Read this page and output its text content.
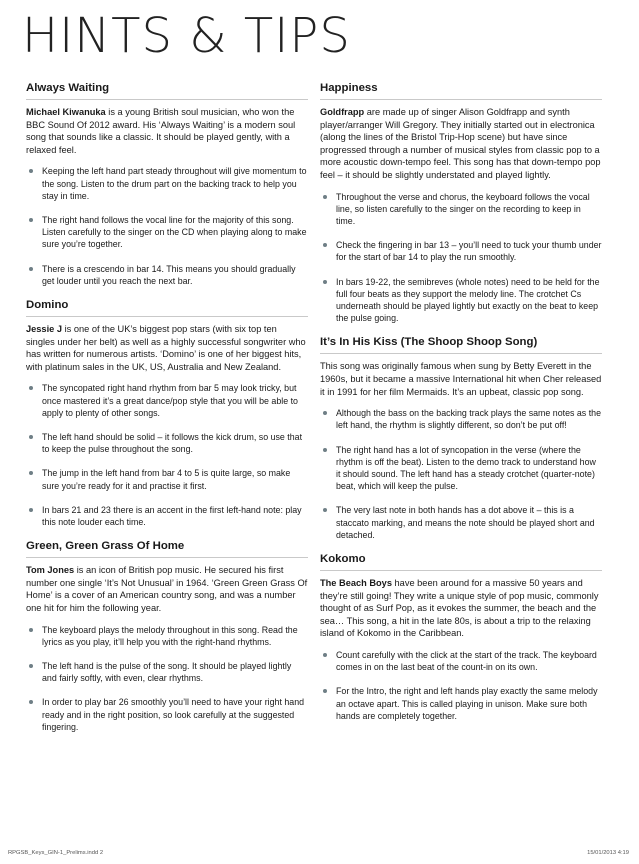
HINTS & TIPS
Always Waiting

Michael Kiwanuka is a young British soul musician, who won the BBC Sound Of 2012 award. His ‘Always Waiting’ is a modern soul song that sounds like a classic. It should be played gently, with a relaxed feel.

Keeping the left hand part steady throughout will give momentum to the song. Listen to the drum part on the backing track to help you stay in time.
The right hand follows the vocal line for the majority of this song. Listen carefully to the singer on the CD when playing along to make sure you’re together.
There is a crescendo in bar 14. This means you should gradually get louder until you reach the next bar.
Domino

Jessie J is one of the UK’s biggest pop stars (with six top ten singles under her belt) as well as a highly successful songwriter who has written for numerous artists. ‘Domino’ is one of her biggest hits, with platinum sales in the UK, US, Australia and New Zealand.

The syncopated right hand rhythm from bar 5 may look tricky, but once mastered it’s a great dance/pop style that you will be able to apply to plenty of other songs.
The left hand should be solid – it follows the kick drum, so use that to keep the pulse throughout the song.
The jump in the left hand from bar 4 to 5 is quite large, so make sure you’re ready for it and practise it first.
In bars 21 and 23 there is an accent in the first left-hand note: play this note louder each time.
Green, Green Grass Of Home

Tom Jones is an icon of British pop music. He secured his first number one single ‘It’s Not Unusual’ in 1964. ‘Green Green Grass Of Home’ is a cover of an American country song, and was a number one hit for him the following year.

The keyboard plays the melody throughout in this song. Read the lyrics as you play, it’ll help you with the right-hand rhythms.
The left hand is the pulse of the song. It should be played lightly and fairly softly, with even, clear rhythms.
In order to play bar 26 smoothly you’ll need to have your right hand ready and in the right position, so look carefully at the suggested fingering.
Happiness

Goldfrapp are made up of singer Alison Goldfrapp and synth player/arranger Will Gregory. They initially started out in electronica (along the lines of the Bristol Trip-Hop scene) but have since progressed through a number of musical styles from classic pop to a more acoustic down-tempo feel. This song has that down-tempo pop feel – it should be slightly understated and played lightly.

Throughout the verse and chorus, the keyboard follows the vocal line, so listen carefully to the singer on the recording to keep in time.
Check the fingering in bar 13 – you’ll need to tuck your thumb under for the start of bar 14 to play the run smoothly.
In bars 19-22, the semibreves (whole notes) need to be held for the full four beats as they support the melody line. The crotchet Cs underneath should be played lightly but exactly on the beat to keep the pulse going.
It’s In His Kiss (The Shoop Shoop Song)

This song was originally famous when sung by Betty Everett in the 1960s, but it became a massive International hit when Cher released it in 1991 for her film Mermaids. It’s an upbeat, classic pop song.

Although the bass on the backing track plays the same notes as the left hand, the rhythm is slightly different, so don’t be put off!
The right hand has a lot of syncopation in the verse (where the rhythm is off the beat). Listen to the demo track to understand how it should sound. The left hand has a steady crotchet (quarter-note) beat, which will keep the pulse.
The very last note in both hands has a dot above it – this is a staccato marking, and means the note should be played short and detached.
Kokomo

The Beach Boys have been around for a massive 50 years and they’re still going! They write a unique style of pop music, commonly thought of as Surf Pop, as it evokes the summer, the beach and the sea… This song, a hit in the late 80s, is about a trip to the relaxing island of Kokomo in the Caribbean.

Count carefully with the click at the start of the track. The keyboard comes in on the last beat of the count-in on its own.
For the Intro, the right and left hands play exactly the same melody an octave apart. This is called playing in unison. Make sure both hands are completely together.
RPGSB_Keys_GIN-1_Prelims.indd 2	15/01/2013 4:19
